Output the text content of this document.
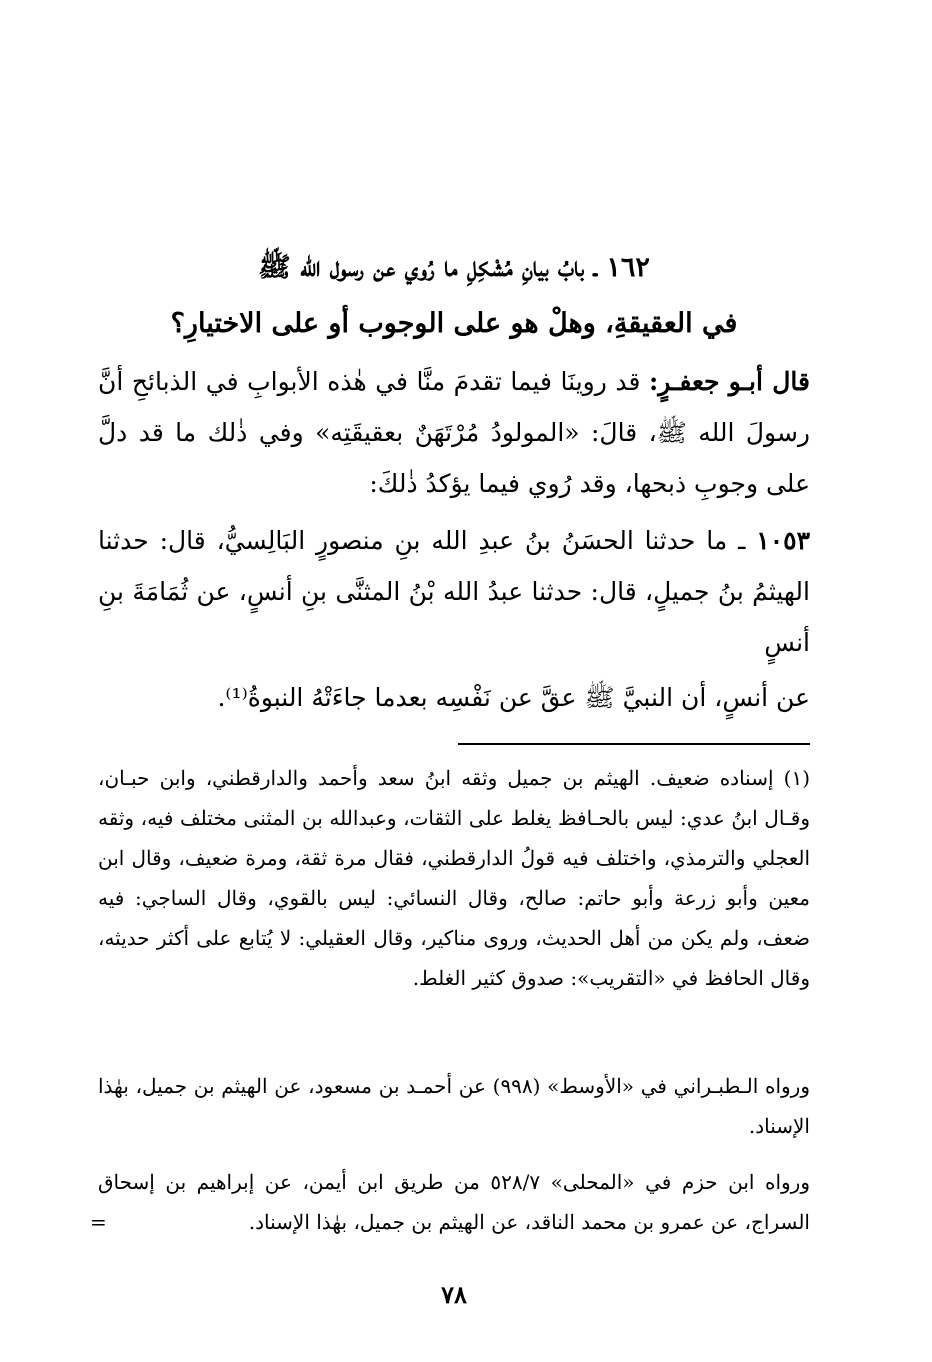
١٦٢ ـ بابُ بيانِ مُشْكِلِ ما رُوي عن رسول الله ﷺ
في العقيقةِ، وهلْ هو على الوجوب أو على الاختيارِ؟
قال أبـو جعفـرٍ: قد روينَا فيما تقدمَ منَّا في هٰذه الأبوابِ في الذبائحِ أنَّ رسولَ الله ﷺ، قالَ: «المولودُ مُرْتَهَنٌ بعقيقَتِه» وفي ذٰلك ما قد دلَّ على وجوبِ ذبحها، وقد رُوي فيما يؤكدُ ذٰلكَ:
١٠٥٣ ـ ما حدثنا الحسَنُ بنُ عبدِ الله بنِ منصورٍ البَالِسيُّ، قال: حدثنا الهيثمُ بنُ جميلٍ، قال: حدثنا عبدُ الله بْنُ المثنَّى بنِ أنسٍ، عن ثُمَامَةَ بنِ أنسٍ
عن أنسٍ، أن النبيَّ ﷺ عقَّ عن نَفْسِه بعدما جاءَتْهُ النبوةُ⁽¹⁾.
(١) إسناده ضعيف. الهيثم بن جميل وثقه ابنُ سعد وأحمد والدارقطني، وابن حبـان، وقـال ابنُ عدي: ليس بالحـافظ يغلط على الثقات، وعبدالله بن المثنى مختلف فيه، وثقه العجلي والترمذي، واختلف فيه قولُ الدارقطني، فقال مرة ثقة، ومرة ضعيف، وقال ابن معين وأبو زرعة وأبو حاتم: صالح، وقال النسائي: ليس بالقوي، وقال الساجي: فيه ضعف، ولم يكن من أهل الحديث، وروى مناكير، وقال العقيلي: لا يُتابع على أكثر حديثه، وقال الحافظ في «التقريب»: صدوق كثير الغلط.
ورواه الـطبـراني في «الأوسط» (٩٩٨) عن أحمـد بن مسعود، عن الهيثم بن جميل، بهٰذا الإسناد.
ورواه ابن حزم في «المحلى» ٥٢٨/٧ من طريق ابن أيمن، عن إبراهيم بن إسحاق السراج، عن عمرو بن محمد الناقد، عن الهيثم بن جميل، بهٰذا الإسناد.
=
٧٨
